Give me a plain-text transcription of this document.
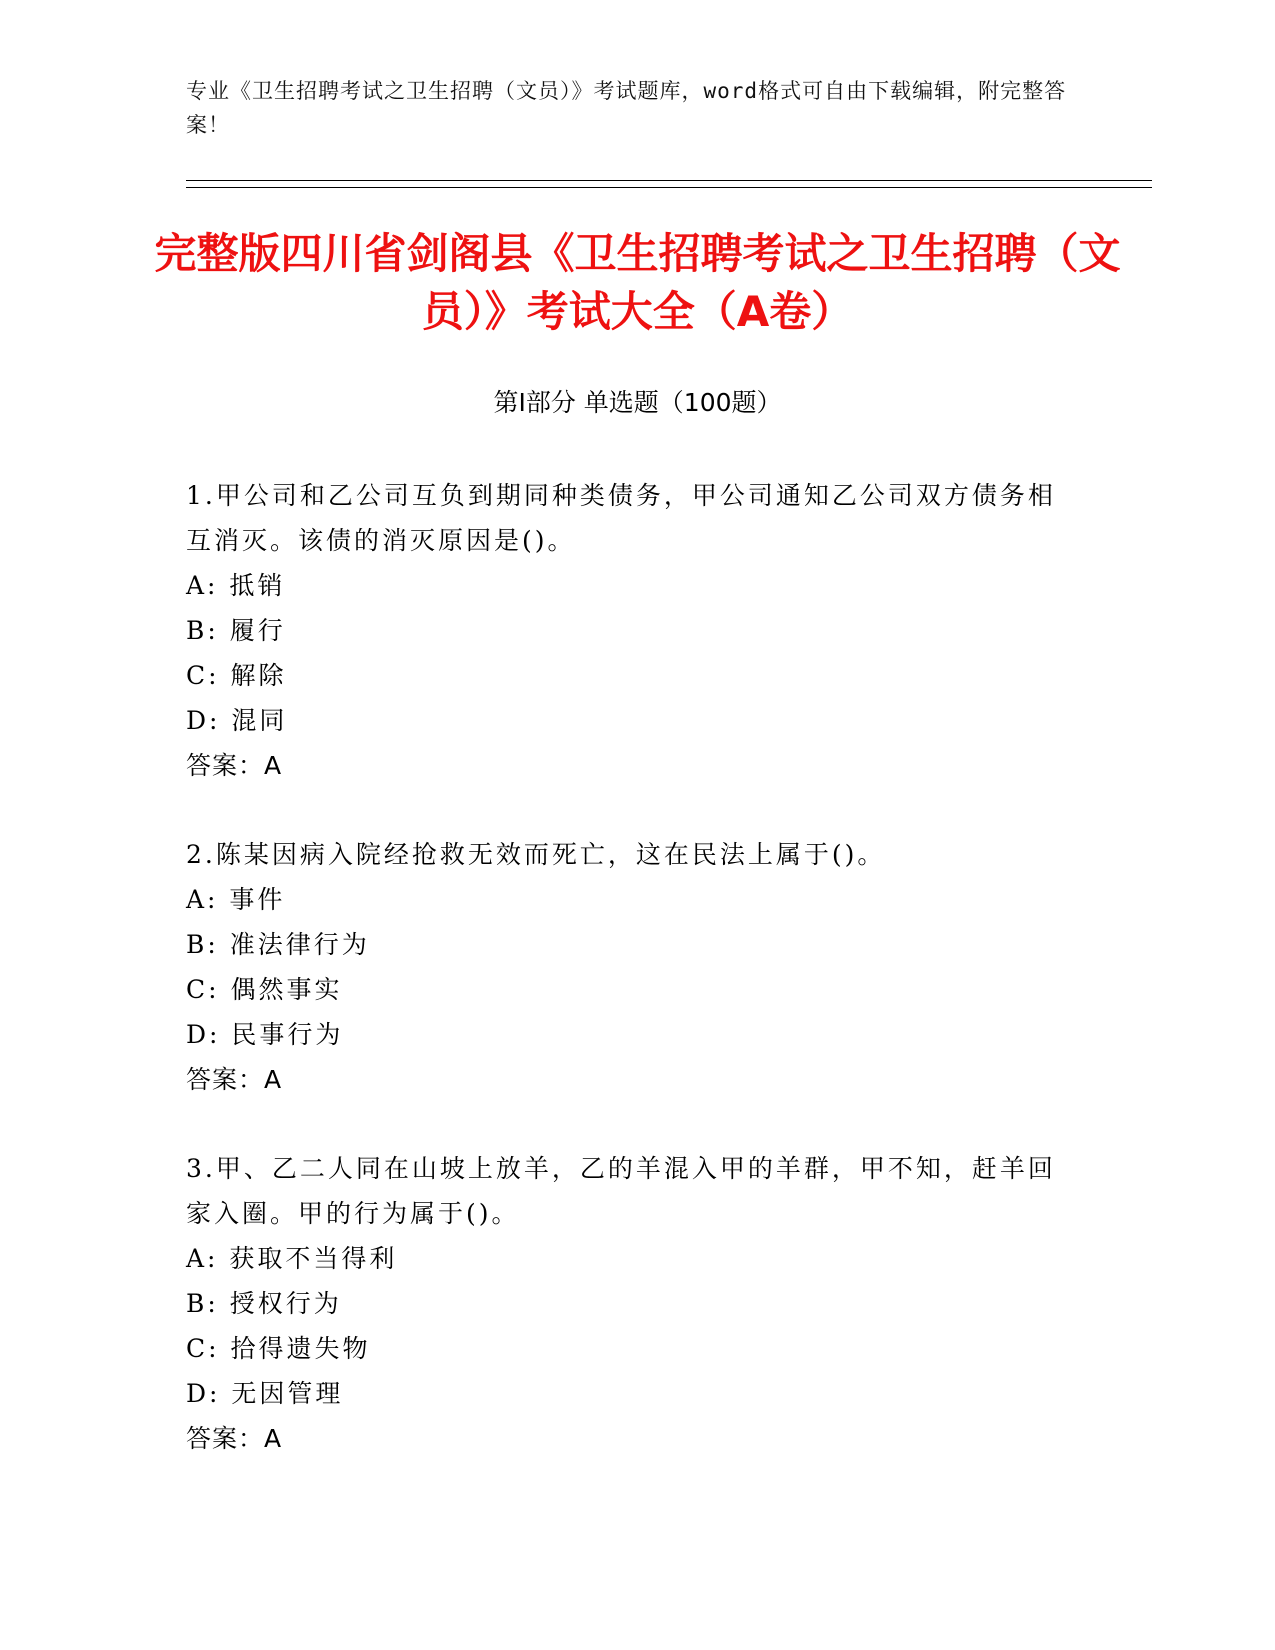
专业《卫生招聘考试之卫生招聘（文员）》考试题库，word格式可自由下载编辑，附完整答案！
完整版四川省剑阁县《卫生招聘考试之卫生招聘（文员）》考试大全（A卷）
第I部分 单选题（100题）

1.甲公司和乙公司互负到期同种类债务，甲公司通知乙公司双方债务相互消灭。该债的消灭原因是()。

A: 抵销

B: 履行

C: 解除

D: 混同

答案：A

2.陈某因病入院经抢救无效而死亡，这在民法上属于()。

A: 事件

B: 准法律行为

C: 偶然事实

D: 民事行为

答案：A

3.甲、乙二人同在山坡上放羊，乙的羊混入甲的羊群，甲不知，赶羊回家入圈。甲的行为属于()。

A: 获取不当得利

B: 授权行为

C: 拾得遗失物

D: 无因管理

答案：A
